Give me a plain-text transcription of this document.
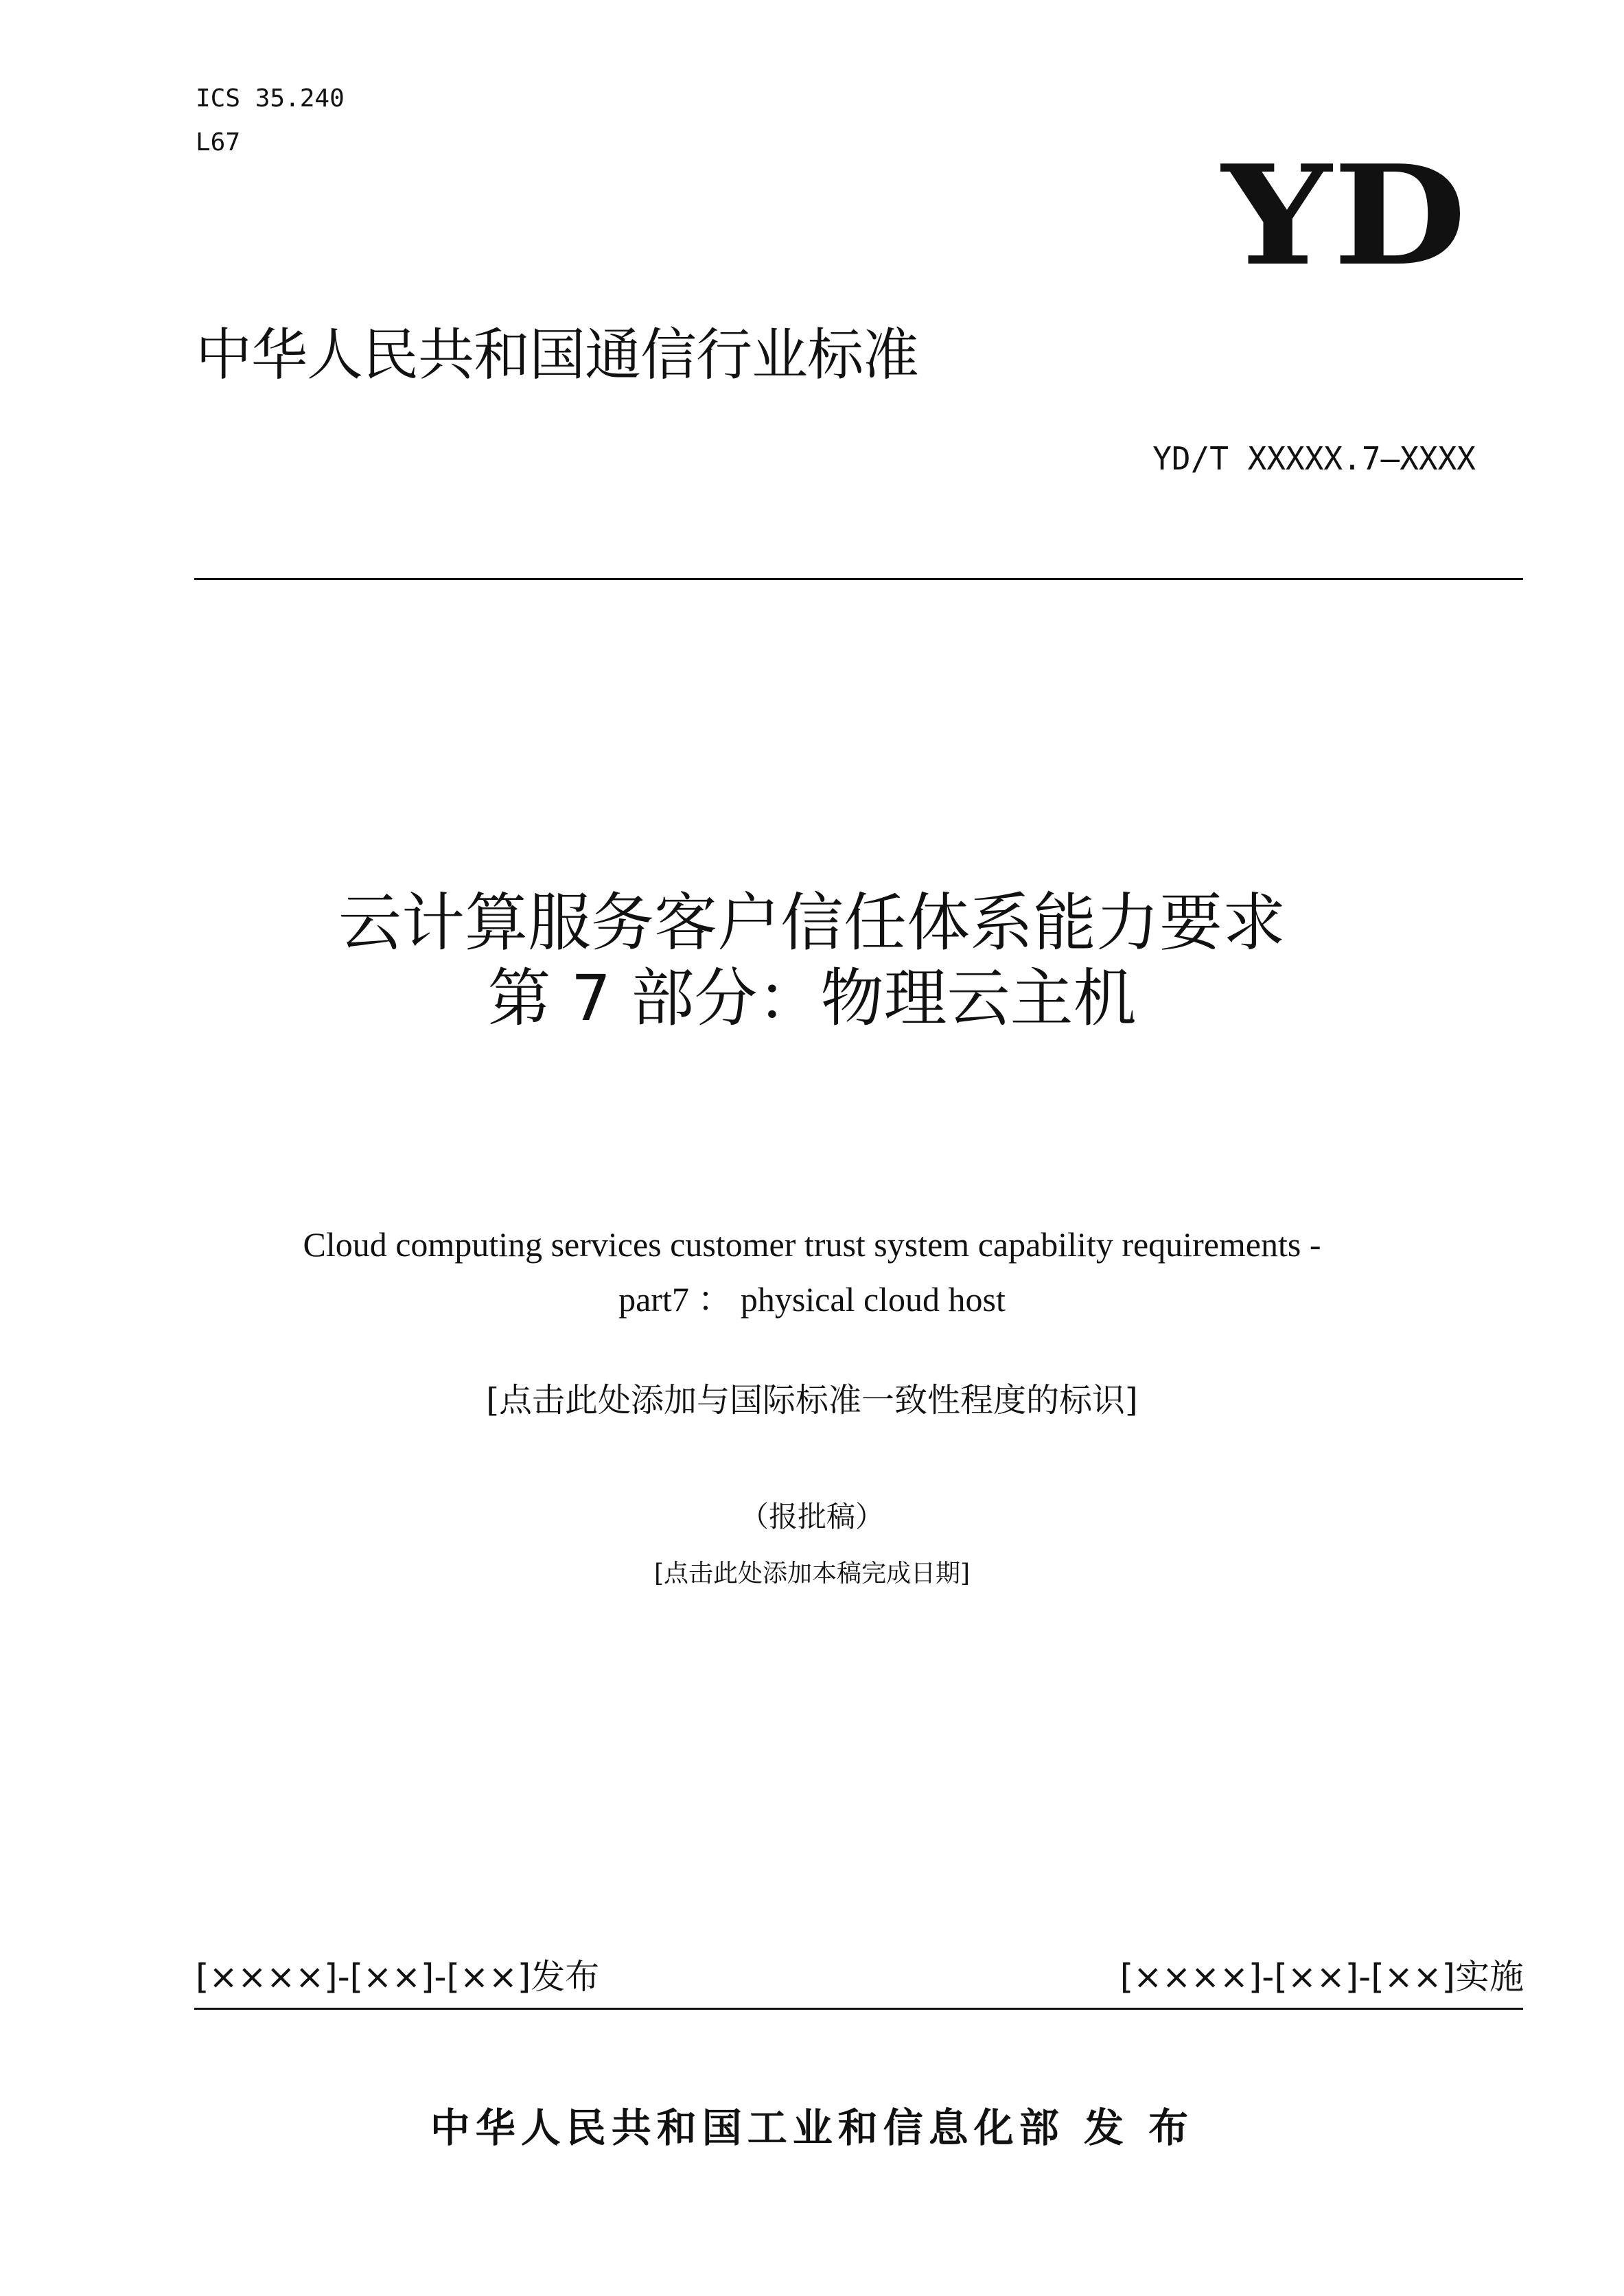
ICS 35.240
L67	YD
中华人民共和国通信行业标准
YD/T XXXXX.7—XXXX
云计算服务客户信任体系能力要求
第 7 部分：物理云主机
Cloud computing services customer trust system capability requirements -
part7 ： physical cloud host
[点击此处添加与国际标准一致性程度的标识]
（报批稿）
[点击此处添加本稿完成日期]
[××××]-[××]-[××]发布	[××××]-[××]-[××]实施
中华人民共和国工业和信息化部 发 布
